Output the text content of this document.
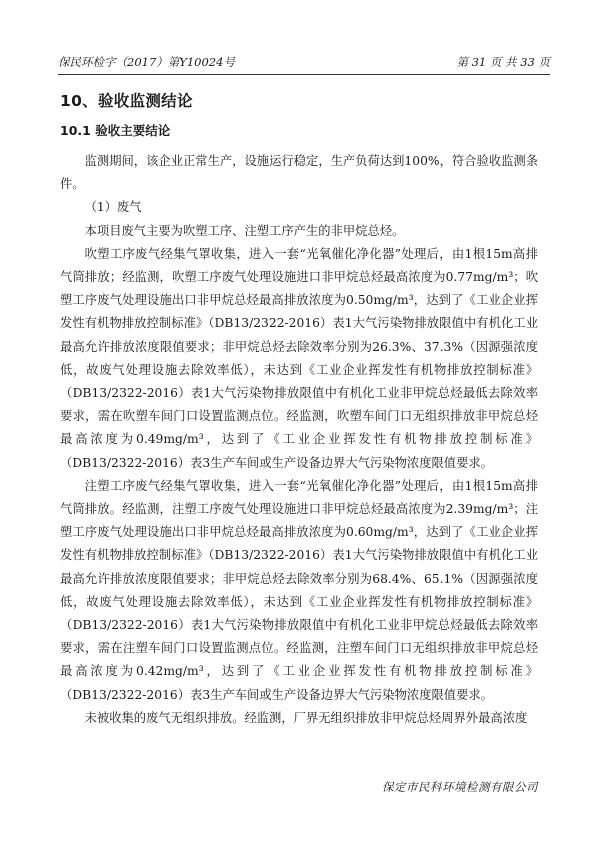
保民环检字（2017）第Y10024号	第 31 页 共 33 页
10、验收监测结论
10.1 验收主要结论

监测期间，该企业正常生产，设施运行稳定，生产负荷达到100%，符合验收监测条件。

（1）废气

本项目废气主要为吹塑工序、注塑工序产生的非甲烷总烃。

吹塑工序废气经集气罩收集，进入一套“光氧催化净化器”处理后，由1根15m高排气筒排放；经监测，吹塑工序废气处理设施进口非甲烷总烃最高浓度为0.77mg/m³；吹塑工序废气处理设施出口非甲烷总烃最高排放浓度为0.50mg/m³，达到了《工业企业挥发性有机物排放控制标准》（DB13/2322-2016）表1大气污染物排放限值中有机化工业最高允许排放浓度限值要求；非甲烷总烃去除效率分别为26.3%、37.3%（因源强浓度低，故废气处理设施去除效率低），未达到《工业企业挥发性有机物排放控制标准》（DB13/2322-2016）表1大气污染物排放限值中有机化工业非甲烷总烃最低去除效率要求，需在吹塑车间门口设置监测点位。经监测，吹塑车间门口无组织排放非甲烷总烃最高浓度为0.49mg/m³，达到了《工业企业挥发性有机物排放控制标准》（DB13/2322-2016）表3生产车间或生产设备边界大气污染物浓度限值要求。

注塑工序废气经集气罩收集，进入一套“光氧催化净化器”处理后，由1根15m高排气筒排放。经监测，注塑工序废气处理设施进口非甲烷总烃最高浓度为2.39mg/m³；注塑工序废气处理设施出口非甲烷总烃最高排放浓度为0.60mg/m³，达到了《工业企业挥发性有机物排放控制标准》（DB13/2322-2016）表1大气污染物排放限值中有机化工业最高允许排放浓度限值要求；非甲烷总烃去除效率分别为68.4%、65.1%（因源强浓度低，故废气处理设施去除效率低），未达到《工业企业挥发性有机物排放控制标准》（DB13/2322-2016）表1大气污染物排放限值中有机化工业非甲烷总烃最低去除效率要求，需在注塑车间门口设置监测点位。经监测，注塑车间门口无组织排放非甲烷总烃最高浓度为0.42mg/m³，达到了《工业企业挥发性有机物排放控制标准》（DB13/2322-2016）表3生产车间或生产设备边界大气污染物浓度限值要求。

未被收集的废气无组织排放。经监测，厂界无组织排放非甲烷总烃周界外最高浓度

保定市民科环境检测有限公司
